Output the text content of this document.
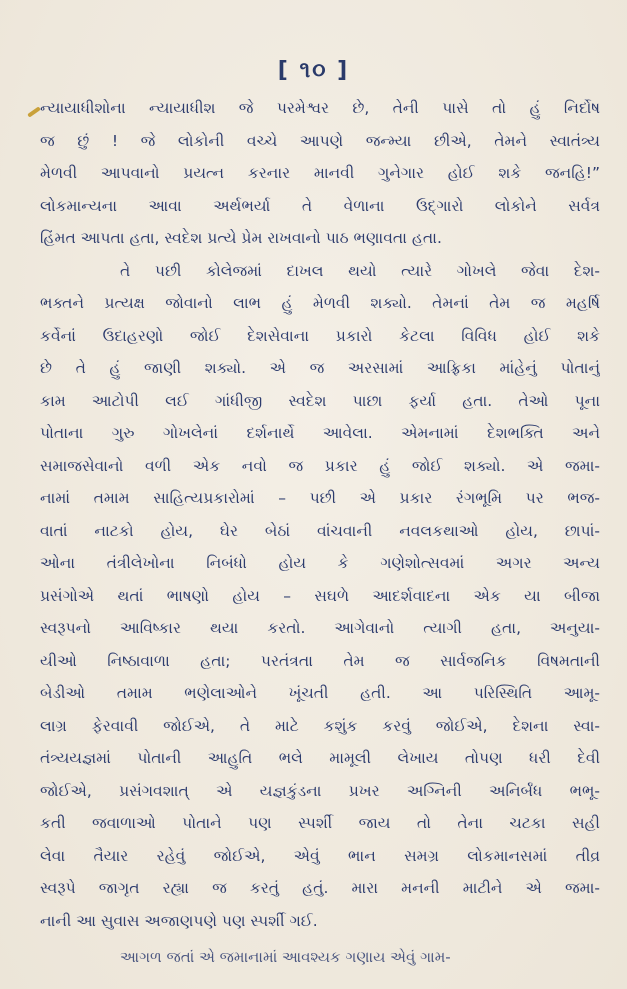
[ ૧૦ ]
ન્યાયાધીશોના ન્યાયાધીશ જે પરમેશ્વર છે, તેની પાસે તો હું નિર્દોષ
જ છું ! જે લોકોની વચ્ચે આપણે જન્મ્યા છીએ, તેમને સ્વાતંત્ર્ય
મેળવી આપવાનો પ્રયત્ન કરનાર માનવી ગુનેગાર હોઈ શકે જનહિ!”
લોકમાન્યના આવા અર્થભર્યા તે વેળાના ઉદ્ગારો લોકોને સર્વત્ર
હિંમત આપતા હતા, સ્વદેશ પ્રત્યે પ્રેમ રાખવાનો પાઠ ભણાવતા હતા.
તે પછી કોલેજમાં દાખલ થયો ત્યારે ગોખલે જેવા દેશ-
ભક્તને પ્રત્યક્ષ જોવાનો લાભ હું મેળવી શક્યો. તેમનાં તેમ જ મહર્ષિ
કર્વેનાં ઉદાહરણો જોઈ દેશસેવાના પ્રકારો કેટલા વિવિધ હોઈ શકે
છે તે હું જાણી શક્યો. એ જ અરસામાં આફ્રિકા માંહેનું પોતાનું
કામ આટોપી લઈ ગાંધીજી સ્વદેશ પાછા ફર્યા હતા. તેઓ પૂના
પોતાના ગુરુ ગોખલેનાં દર્શનાર્થે આવેલા. એમનામાં દેશભક્તિ અને
સમાજસેવાનો વળી એક નવો જ પ્રકાર હું જોઈ શક્યો. એ જમા-
નામાં તમામ સાહિત્યપ્રકારોમાં – પછી એ પ્રકાર રંગભૂમિ પર ભજ-
વાતાં નાટકો હોય, ઘેર બેઠાં વાંચવાની નવલકથાઓ હોય, છાપાં-
ઓના તંત્રીલેખોના નિબંધો હોય કે ગણેશોત્સવમાં અગર અન્ય
પ્રસંગોએ થતાં ભાષણો હોય – સઘળે આદર્શવાદના એક યા બીજા
સ્વરૂપનો આવિષ્કાર થયા કરતો. આગેવાનો ત્યાગી હતા, અનુયા-
યીઓ નિષ્ઠાવાળા હતા; પરતંત્રતા તેમ જ સાર્વજનિક વિષમતાની
બેડીઓ તમામ ભણેલાઓને ખૂંચતી હતી. આ પરિસ્થિતિ આમૂ-
લાગ્ર ફેરવાવી જોઈએ, તે માટે કશુંક કરવું જોઈએ, દેશના સ્વા-
તંત્ર્યયજ્ઞમાં પોતાની આહુતિ ભલે મામૂલી લેખાય તોપણ ધરી દેવી
જોઈએ, પ્રસંગવશાત્ એ યજ્ઞકુંડના પ્રખર અગ્નિની અનિર્બંધ ભભૂ-
કતી જવાળાઓ પોતાને પણ સ્પર્શી જાય તો તેના ચટકા સહી
લેવા તૈયાર રહેવું જોઈએ, એવું ભાન સમગ્ર લોકમાનસમાં તીવ્ર
સ્વરૂપે જાગૃત રહ્યા જ કરતું હતું. મારા મનની માટીને એ જમા-
નાની આ સુવાસ અજાણપણે પણ સ્પર્શી ગઈ.
આગળ જતાં એ જમાનામાં આવશ્યક ગણાય એવું ગામ-
